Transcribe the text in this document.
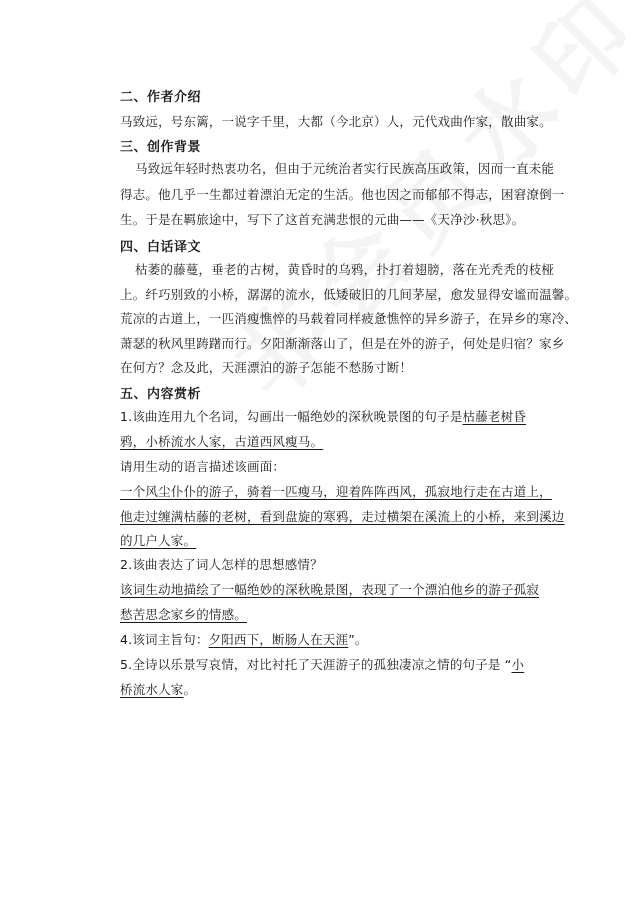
二、作者介绍
马致远，号东篱，一说字千里，大都（今北京）人，元代戏曲作家，散曲家。
三、创作背景
马致远年轻时热衷功名，但由于元统治者实行民族高压政策，因而一直未能
得志。他几乎一生都过着漂泊无定的生活。他也因之而郁郁不得志，困窘潦倒一
生。于是在羁旅途中，写下了这首充满悲恨的元曲——《天净沙·秋思》。
四、白话译文
枯萎的藤蔓，垂老的古树，黄昏时的乌鸦，扑打着翅膀，落在光秃秃的枝桠
上。纤巧别致的小桥，潺潺的流水，低矮破旧的几间茅屋，愈发显得安谧而温馨。
荒凉的古道上，一匹消瘦憔悴的马载着同样疲惫憔悴的异乡游子，在异乡的寒冷、
萧瑟的秋风里踌躇而行。夕阳渐渐落山了，但是在外的游子，何处是归宿？家乡
在何方？念及此，天涯漂泊的游子怎能不愁肠寸断！
五、内容赏析
1.该曲连用九个名词，勾画出一幅绝妙的深秋晚景图的句子是枯藤老树昏
鸦，小桥流水人家，古道西风瘦马。
请用生动的语言描述该画面：
一个风尘仆仆的游子，骑着一匹瘦马，迎着阵阵西风，孤寂地行走在古道上，
他走过缠满枯藤的老树，看到盘旋的寒鸦，走过横架在溪流上的小桥，来到溪边
的几户人家。
2.该曲表达了词人怎样的思想感情？
该词生动地描绘了一幅绝妙的深秋晚景图，表现了一个漂泊他乡的游子孤寂
愁苦思念家乡的情感。
4.该词主旨句：夕阳西下，断肠人在天涯”。
5.全诗以乐景写哀情，对比衬托了天涯游子的孤独凄凉之情的句子是 “小
桥流水人家。
